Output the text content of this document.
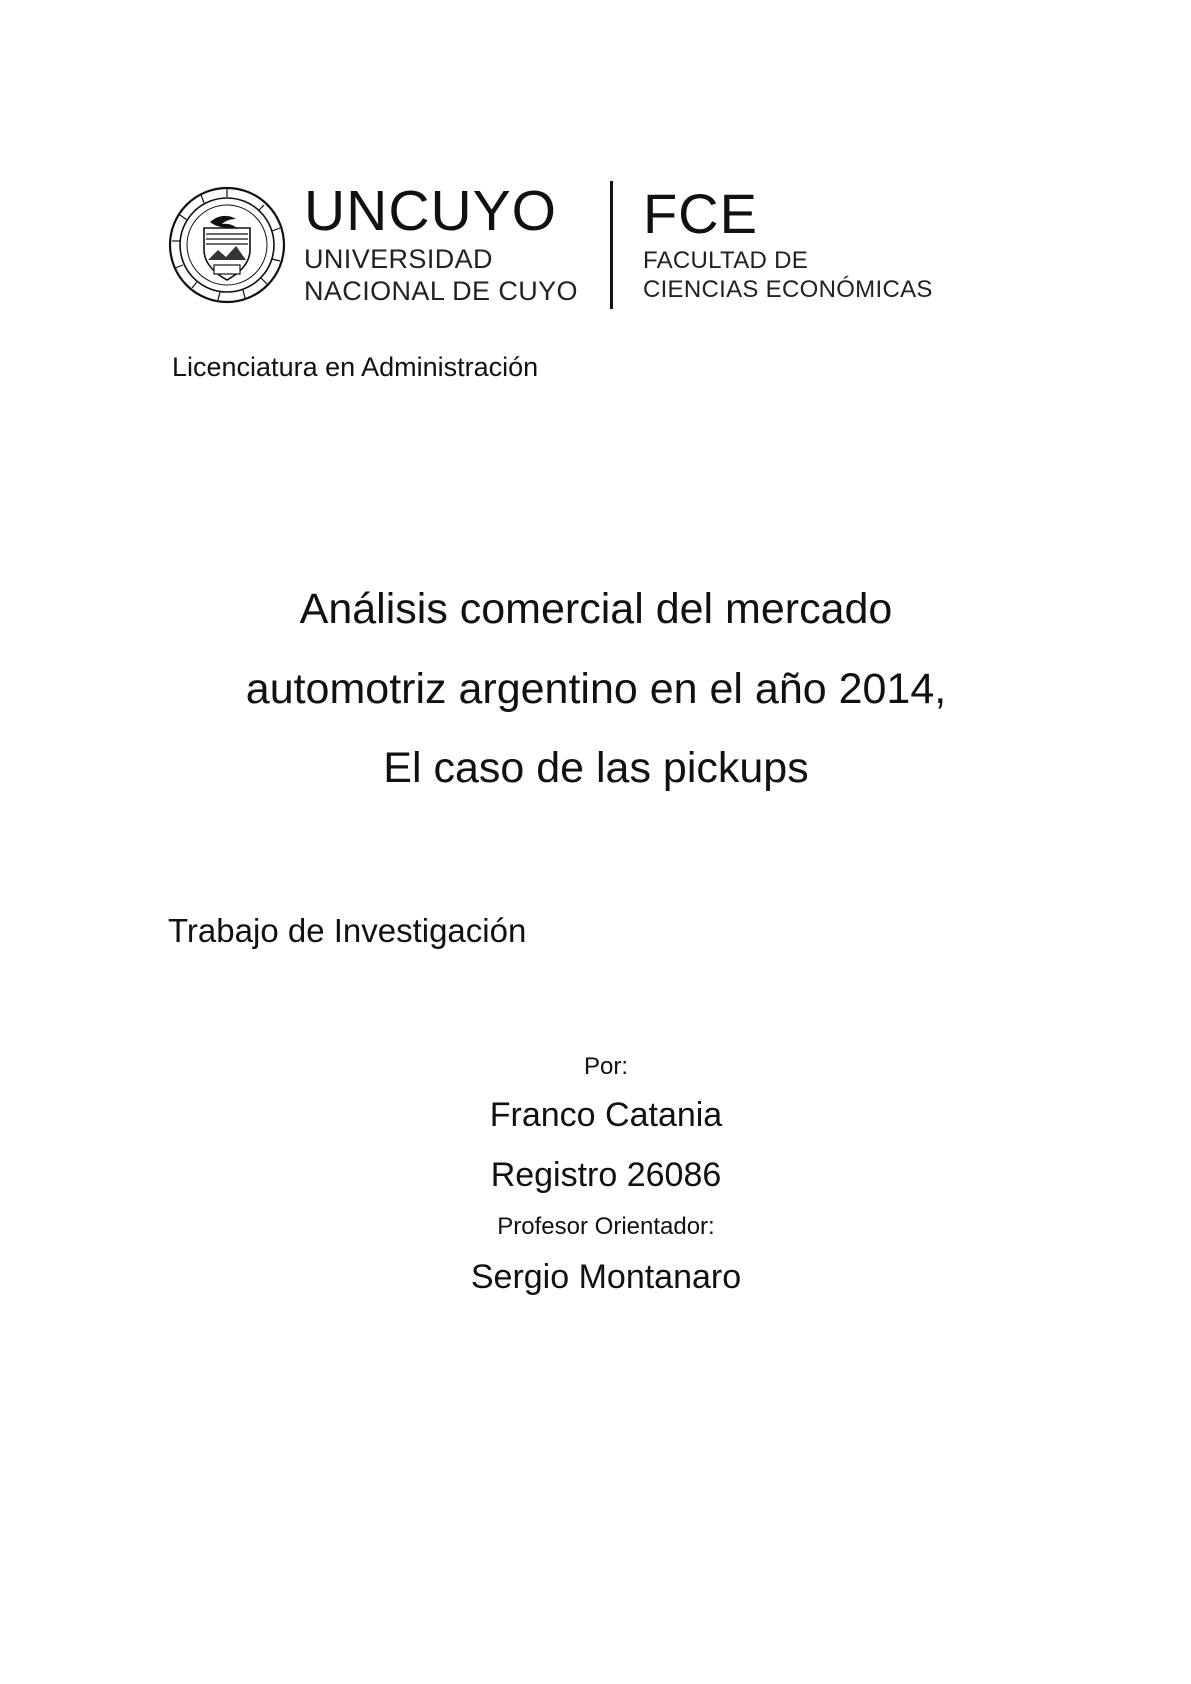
UNCUYO
UNIVERSIDAD
NACIONAL DE CUYO
FCE
FACULTAD DE
CIENCIAS ECONÓMICAS
Licenciatura en Administración
Análisis comercial del mercado
automotriz argentino en el año 2014,
El caso de las pickups
Trabajo de Investigación
Por:
Franco Catania
Registro 26086
Profesor Orientador:
Sergio Montanaro
